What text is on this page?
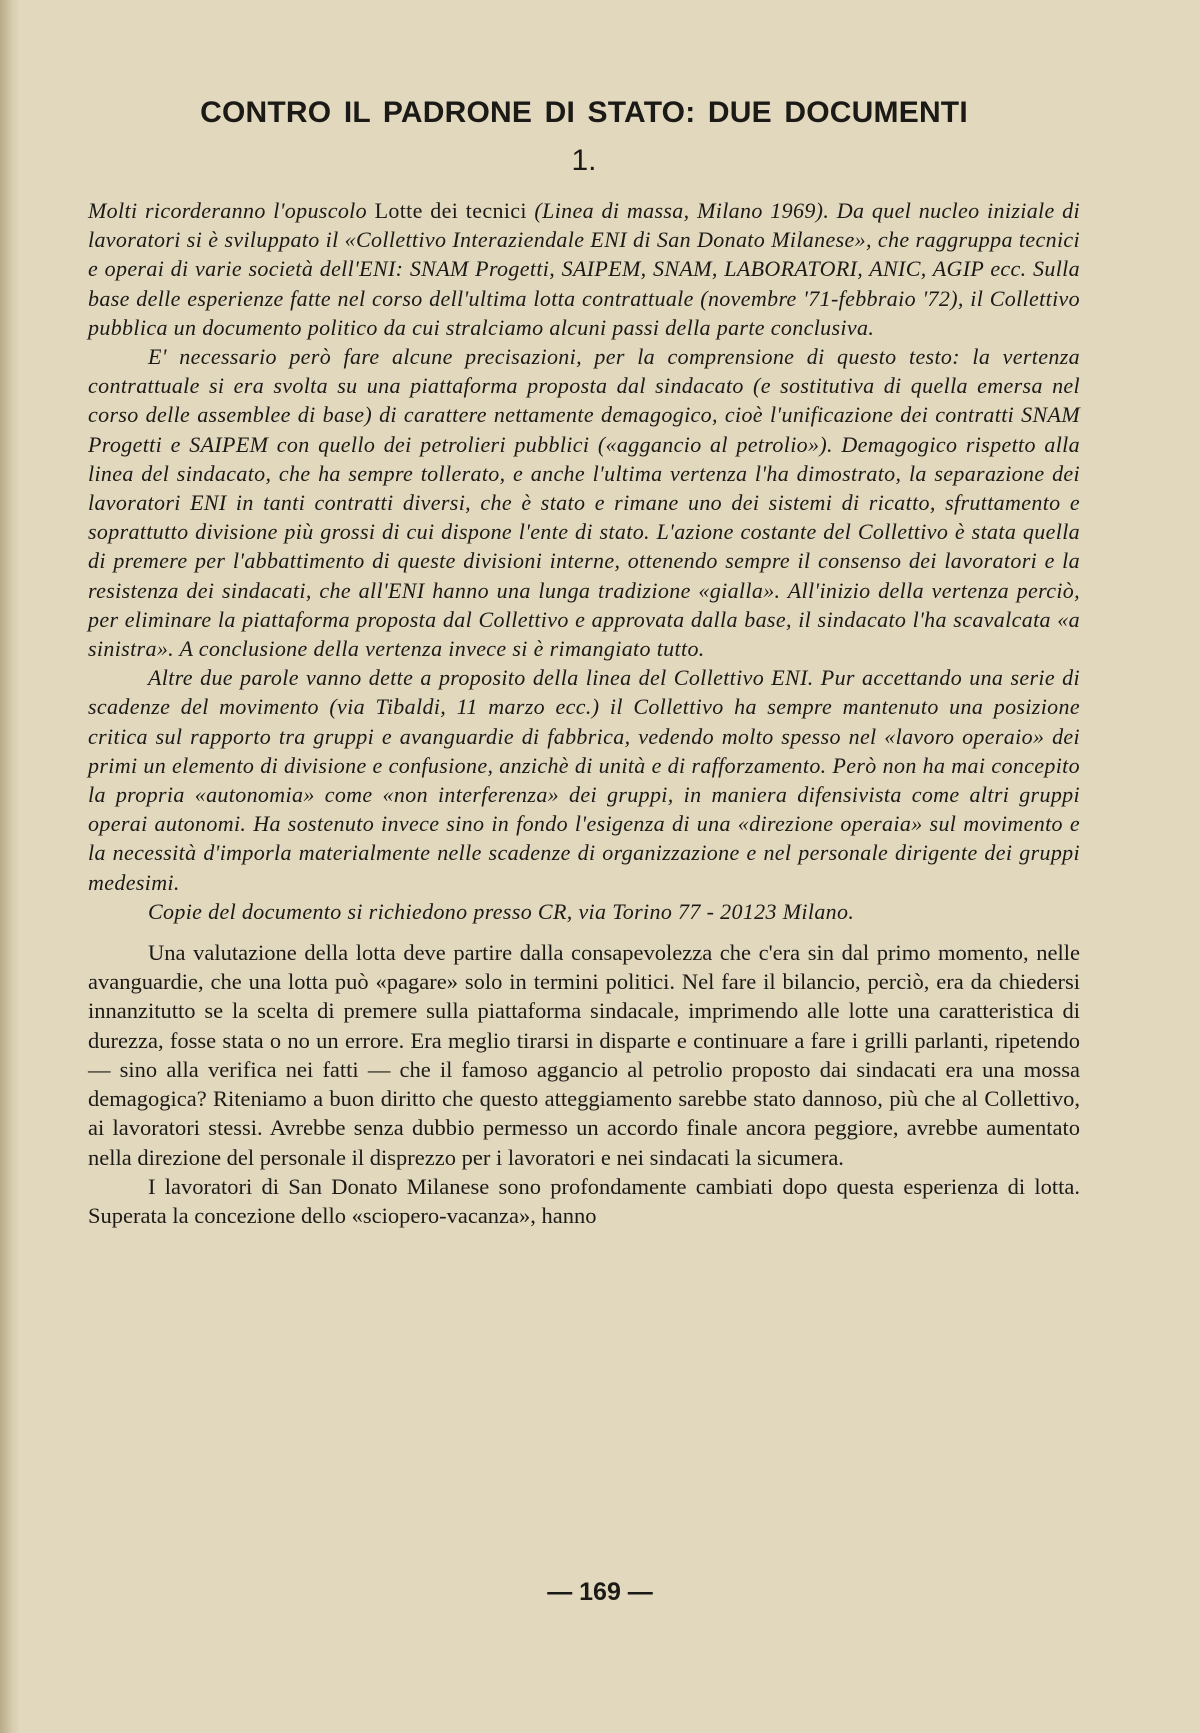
CONTRO IL PADRONE DI STATO: DUE DOCUMENTI
1.

Molti ricorderanno l'opuscolo Lotte dei tecnici (Linea di massa, Milano 1969). Da quel nucleo iniziale di lavoratori si è sviluppato il «Collettivo Interaziendale ENI di San Donato Milanese», che raggruppa tecnici e operai di varie società dell'ENI: SNAM Progetti, SAIPEM, SNAM, LABORATORI, ANIC, AGIP ecc. Sulla base delle esperienze fatte nel corso dell'ultima lotta contrattuale (novembre '71-febbraio '72), il Collettivo pubblica un documento politico da cui stralciamo alcuni passi della parte conclusiva.

E' necessario però fare alcune precisazioni, per la comprensione di questo testo: la vertenza contrattuale si era svolta su una piattaforma proposta dal sindacato (e sostitutiva di quella emersa nel corso delle assemblee di base) di carattere nettamente demagogico, cioè l'unificazione dei contratti SNAM Progetti e SAIPEM con quello dei petrolieri pubblici («aggancio al petrolio»). Demagogico rispetto alla linea del sindacato, che ha sempre tollerato, e anche l'ultima vertenza l'ha dimostrato, la separazione dei lavoratori ENI in tanti contratti diversi, che è stato e rimane uno dei sistemi di ricatto, sfruttamento e soprattutto divisione più grossi di cui dispone l'ente di stato. L'azione costante del Collettivo è stata quella di premere per l'abbattimento di queste divisioni interne, ottenendo sempre il consenso dei lavoratori e la resistenza dei sindacati, che all'ENI hanno una lunga tradizione «gialla». All'inizio della vertenza perciò, per eliminare la piattaforma proposta dal Collettivo e approvata dalla base, il sindacato l'ha scavalcata «a sinistra». A conclusione della vertenza invece si è rimangiato tutto.

Altre due parole vanno dette a proposito della linea del Collettivo ENI. Pur accettando una serie di scadenze del movimento (via Tibaldi, 11 marzo ecc.) il Collettivo ha sempre mantenuto una posizione critica sul rapporto tra gruppi e avanguardie di fabbrica, vedendo molto spesso nel «lavoro operaio» dei primi un elemento di divisione e confusione, anzichè di unità e di rafforzamento. Però non ha mai concepito la propria «autonomia» come «non interferenza» dei gruppi, in maniera difensivista come altri gruppi operai autonomi. Ha sostenuto invece sino in fondo l'esigenza di una «direzione operaia» sul movimento e la necessità d'imporla materialmente nelle scadenze di organizzazione e nel personale dirigente dei gruppi medesimi.

Copie del documento si richiedono presso CR, via Torino 77 - 20123 Milano.

Una valutazione della lotta deve partire dalla consapevolezza che c'era sin dal primo momento, nelle avanguardie, che una lotta può «pagare» solo in termini politici. Nel fare il bilancio, perciò, era da chiedersi innanzitutto se la scelta di premere sulla piattaforma sindacale, imprimendo alle lotte una caratteristica di durezza, fosse stata o no un errore. Era meglio tirarsi in disparte e continuare a fare i grilli parlanti, ripetendo — sino alla verifica nei fatti — che il famoso aggancio al petrolio proposto dai sindacati era una mossa demagogica? Riteniamo a buon diritto che questo atteggiamento sarebbe stato dannoso, più che al Collettivo, ai lavoratori stessi. Avrebbe senza dubbio permesso un accordo finale ancora peggiore, avrebbe aumentato nella direzione del personale il disprezzo per i lavoratori e nei sindacati la sicumera.

I lavoratori di San Donato Milanese sono profondamente cambiati dopo questa esperienza di lotta. Superata la concezione dello «sciopero-vacanza», hanno

— 169 —
